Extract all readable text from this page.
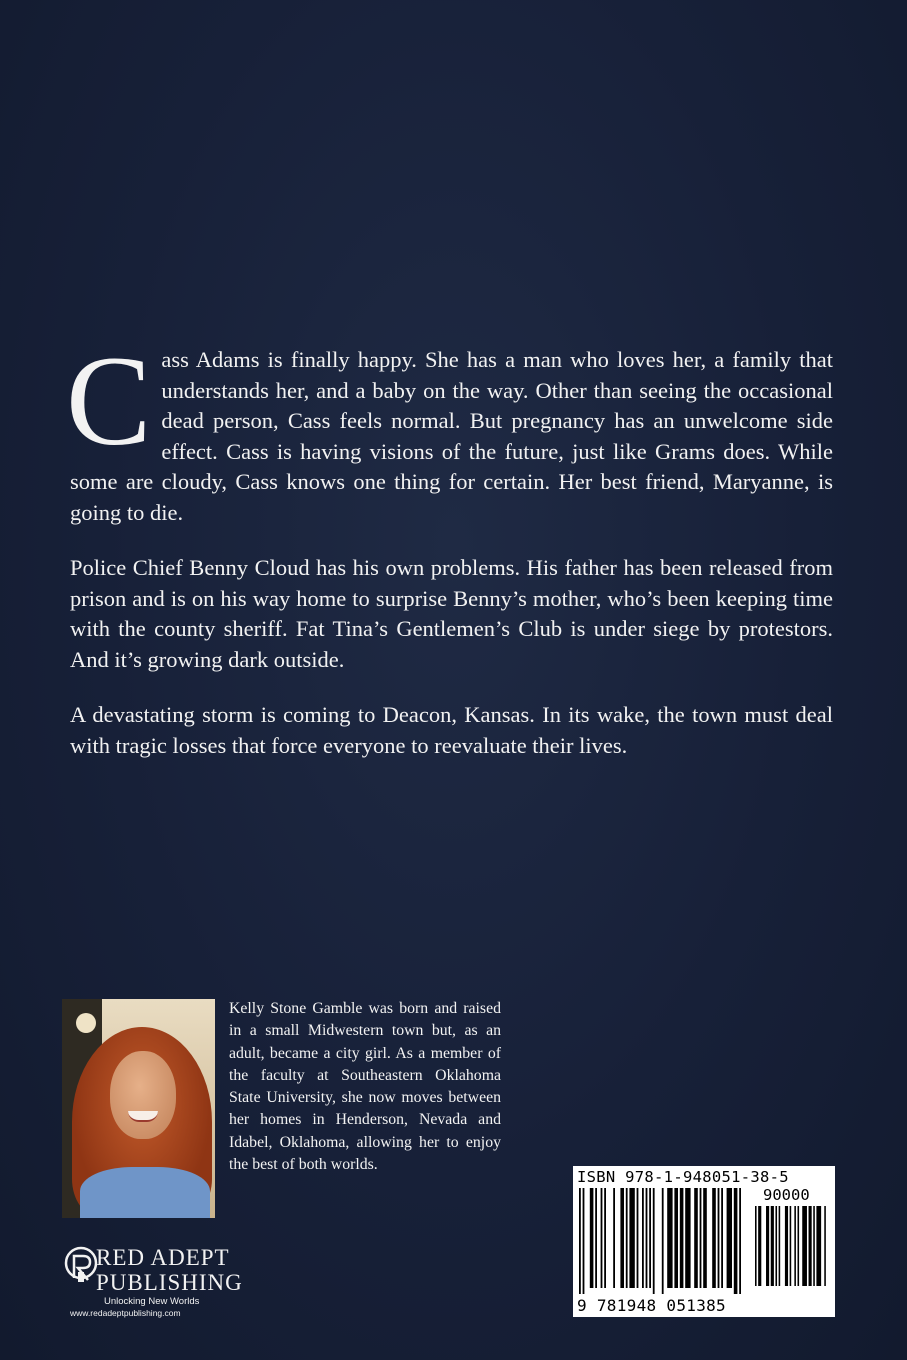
Cass Adams is finally happy. She has a man who loves her, a family that understands her, and a baby on the way. Other than seeing the occasional dead person, Cass feels normal. But pregnancy has an unwelcome side effect. Cass is having visions of the future, just like Grams does. While some are cloudy, Cass knows one thing for certain. Her best friend, Maryanne, is going to die.

Police Chief Benny Cloud has his own problems. His father has been released from prison and is on his way home to surprise Benny’s mother, who’s been keeping time with the county sheriff. Fat Tina’s Gentlemen’s Club is under siege by protestors. And it’s growing dark outside.

A devastating storm is coming to Deacon, Kansas. In its wake, the town must deal with tragic losses that force everyone to reevaluate their lives.

Kelly Stone Gamble was born and raised in a small Midwestern town but, as an adult, became a city girl. As a member of the faculty at Southeastern Oklahoma State University, she now moves between her homes in Henderson, Nevada and Idabel, Oklahoma, allowing her to enjoy the best of both worlds.
RED ADEPT
PUBLISHING
Unlocking New Worlds
www.redadeptpublishing.com
ISBN 978-1-948051-38-5
90000
9 781948 051385
